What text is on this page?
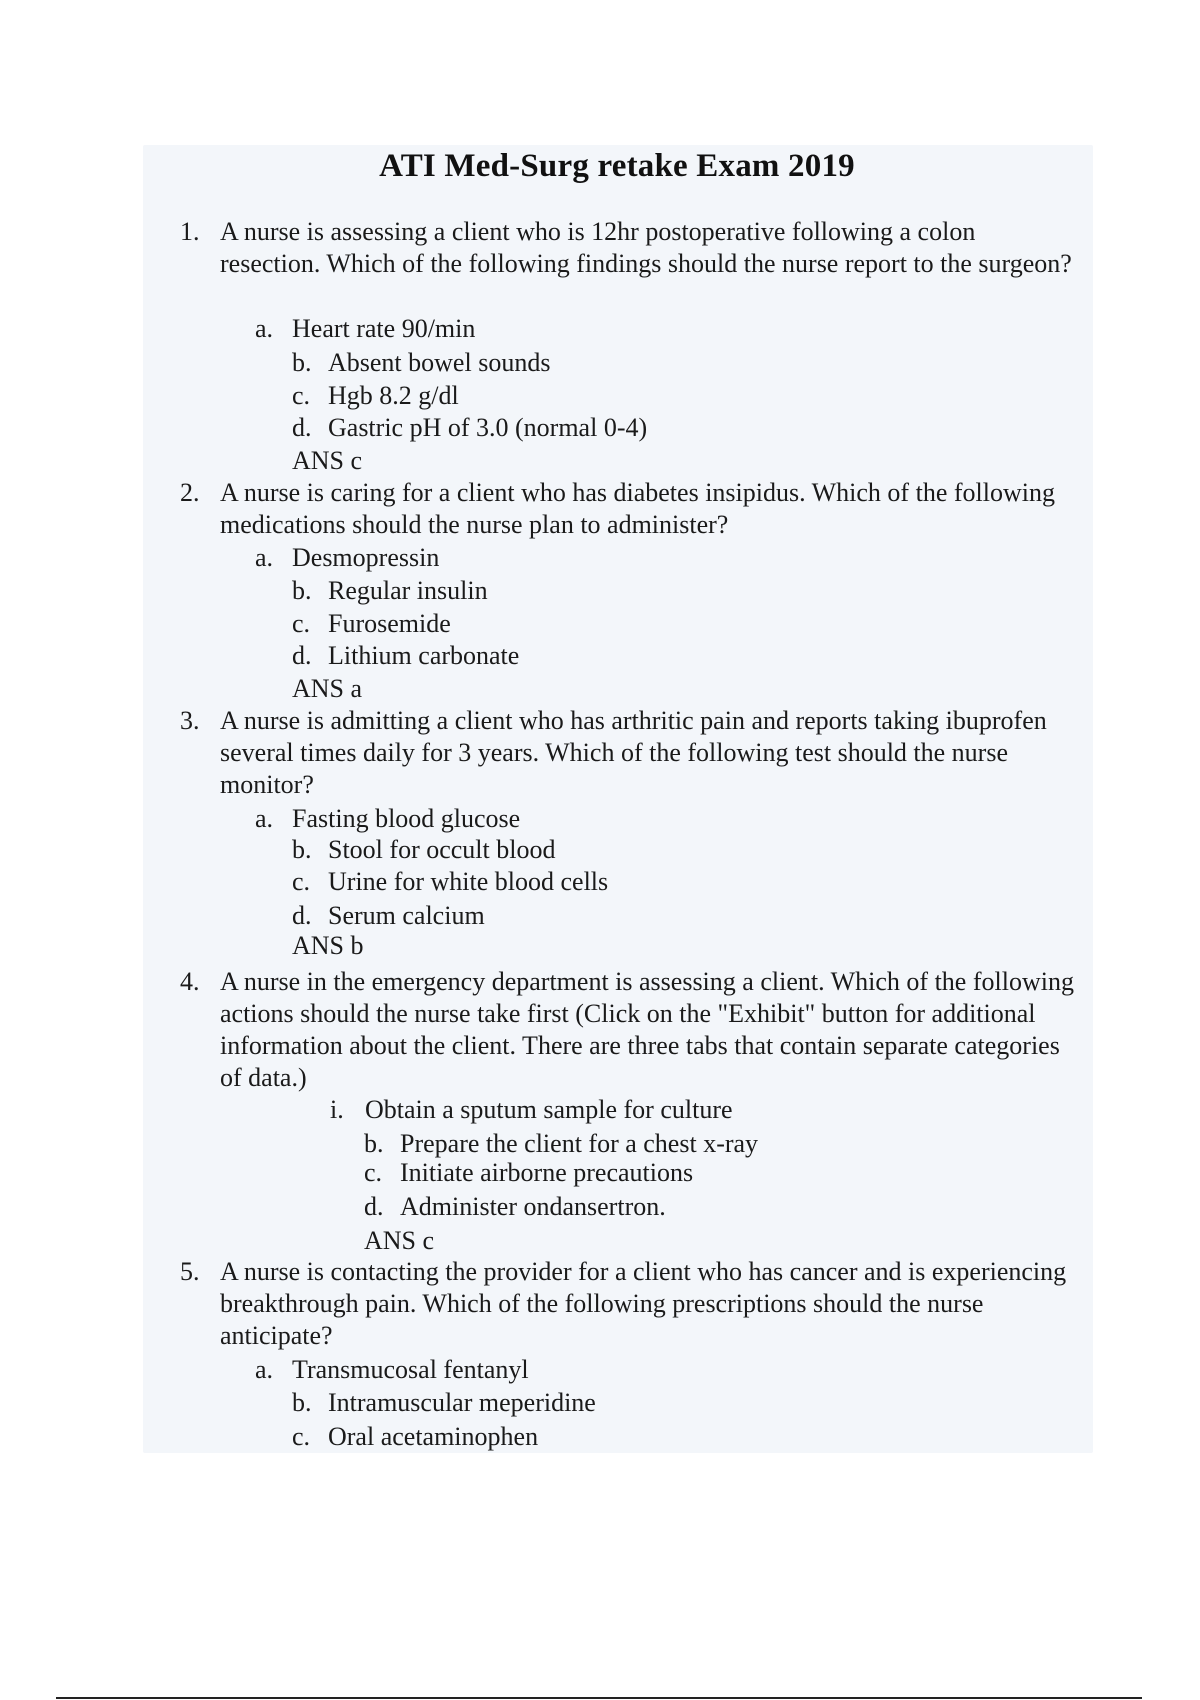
ATI Med-Surg retake Exam 2019
1. A nurse is assessing a client who is 12hr postoperative following a colon resection. Which of the following findings should the nurse report to the surgeon?
a. Heart rate 90/min
b. Absent bowel sounds
c. Hgb 8.2 g/dl
d. Gastric pH of 3.0 (normal 0-4)
ANS c
2. A nurse is caring for a client who has diabetes insipidus. Which of the following medications should the nurse plan to administer?
a. Desmopressin
b. Regular insulin
c. Furosemide
d. Lithium carbonate
ANS a
3. A nurse is admitting a client who has arthritic pain and reports taking ibuprofen several times daily for 3 years. Which of the following test should the nurse monitor?
a. Fasting blood glucose
b. Stool for occult blood
c. Urine for white blood cells
d. Serum calcium
ANS b
4. A nurse in the emergency department is assessing a client. Which of the following actions should the nurse take first (Click on the "Exhibit" button for additional information about the client. There are three tabs that contain separate categories of data.)
i. Obtain a sputum sample for culture
b. Prepare the client for a chest x-ray
c. Initiate airborne precautions
d. Administer ondansertron.
ANS c
5. A nurse is contacting the provider for a client who has cancer and is experiencing breakthrough pain. Which of the following prescriptions should the nurse anticipate?
a. Transmucosal fentanyl
b. Intramuscular meperidine
c. Oral acetaminophen
